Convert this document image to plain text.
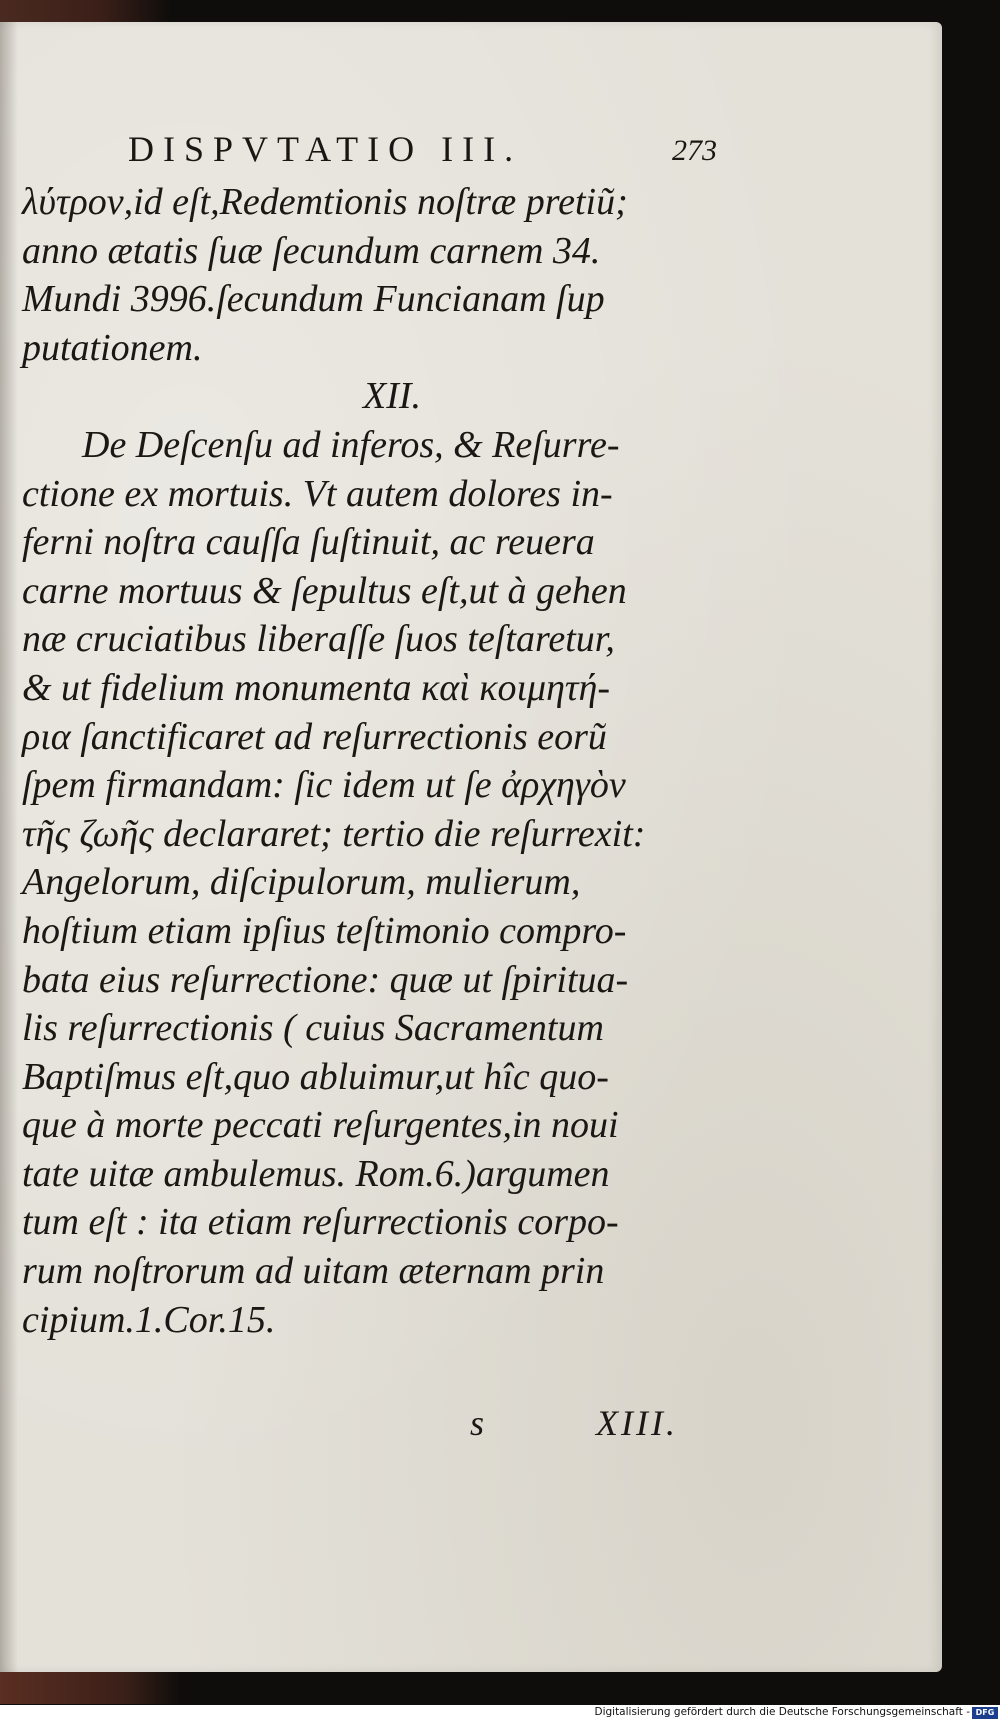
DISPVTATIO III.	273
λύτρον,id eſt,Redemtionis noſtræ pretiũ;
anno ætatis ſuæ ſecundum carnem 34.
Mundi 3996.ſecundum Funcianam ſup
putationem.
XII.
De Deſcenſu ad inferos, & Reſurre-
ctione ex mortuis. Vt autem dolores in-
ferni noſtra cauſſa ſuſtinuit, ac reuera
carne mortuus & ſepultus eſt,ut à gehen
næ cruciatibus liberaſſe ſuos teſtaretur,
& ut fidelium monumenta καὶ κοιμητή-
ρια ſanctificaret ad reſurrectionis eorũ
ſpem firmandam: ſic idem ut ſe ἀρχηγὸν
τῆς ζωῆς declararet; tertio die reſurrexit:
Angelorum, diſcipulorum, mulierum,
hoſtium etiam ipſius teſtimonio compro-
bata eius reſurrectione: quæ ut ſpiritua-
lis reſurrectionis ( cuius Sacramentum
Baptiſmus eſt,quo abluimur,ut hîc quo-
que à morte peccati reſurgentes,in noui
tate uitæ ambulemus. Rom.6.)argumen
tum eſt : ita etiam reſurrectionis corpo-
rum noſtrorum ad uitam æternam prin
cipium.1.Cor.15.
s	XIII.
Digitalisierung gefördert durch die Deutsche Forschungsgemeinschaft - DFG
